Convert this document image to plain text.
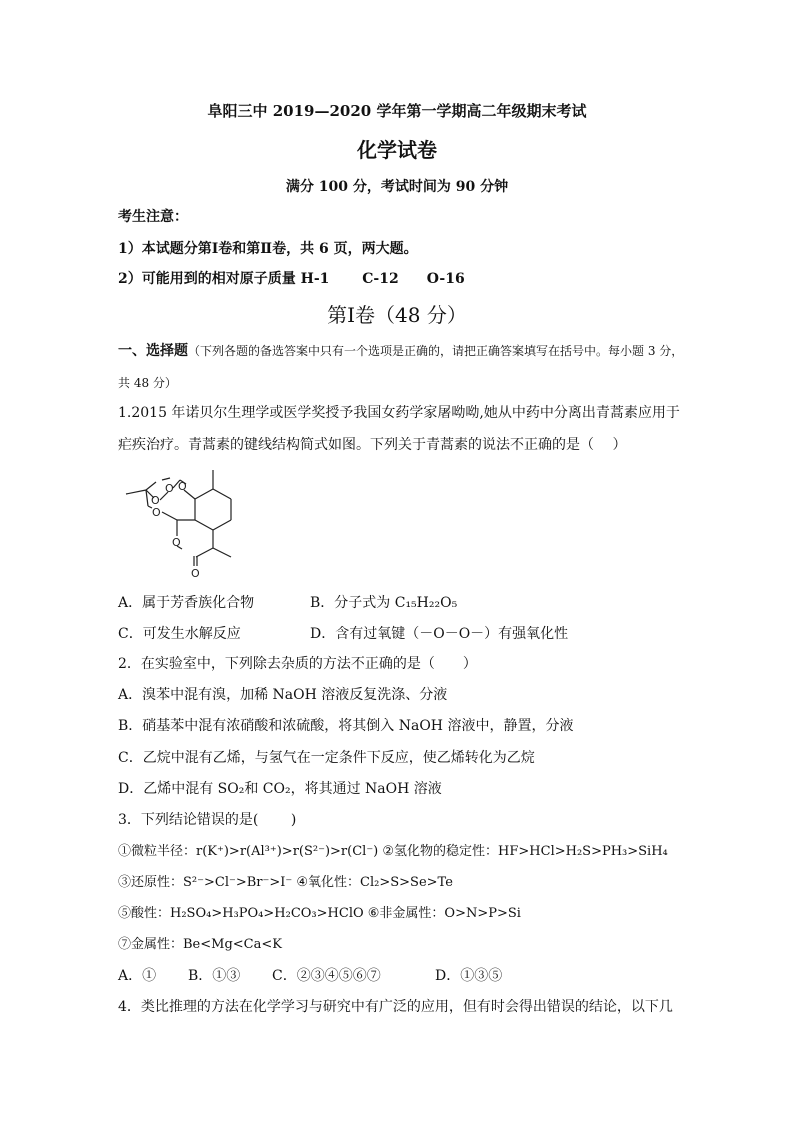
阜阳三中 2019—2020 学年第一学期高二年级期末考试
化学试卷
满分 100 分，考试时间为 90 分钟
考生注意：
1）本试题分第Ⅰ卷和第Ⅱ卷，共 6 页，两大题。
2）可能用到的相对原子质量 H-1　　 C-12　　O-16
第Ⅰ卷（48 分）
一、选择题（下列各题的备选答案中只有一个选项是正确的，请把正确答案填写在括号中。每小题 3 分，
共 48 分）
1.2015 年诺贝尔生理学或医学奖授予我国女药学家屠呦呦,她从中药中分离出青蒿素应用于
疟疾治疗。青蒿素的键线结构简式如图。下列关于青蒿素的说法不正确的是（　 ）
O
O
O O
O
O
A．属于芳香族化合物	B．分子式为 C₁₅H₂₂O₅
C．可发生水解反应	D．含有过氧键（－O－O－）有强氧化性
2．在实验室中，下列除去杂质的方法不正确的是（　　）
A．溴苯中混有溴，加稀 NaOH 溶液反复洗涤、分液
B．硝基苯中混有浓硝酸和浓硫酸，将其倒入 NaOH 溶液中，静置，分液
C．乙烷中混有乙烯，与氢气在一定条件下反应，使乙烯转化为乙烷
D．乙烯中混有 SO₂和 CO₂，将其通过 NaOH 溶液
3．下列结论错误的是(　　 )
①微粒半径：r(K⁺)>r(Al³⁺)>r(S²⁻)>r(Cl⁻) ②氢化物的稳定性：HF>HCl>H₂S>PH₃>SiH₄
③还原性：S²⁻>Cl⁻>Br⁻>I⁻ ④氧化性：Cl₂>S>Se>Te
⑤酸性：H₂SO₄>H₃PO₄>H₂CO₃>HClO ⑥非金属性：O>N>P>Si
⑦金属性：Be<Mg<Ca<K
A．① B．①③ C．②③④⑤⑥⑦	D．①③⑤
4．类比推理的方法在化学学习与研究中有广泛的应用，但有时会得出错误的结论，以下几
